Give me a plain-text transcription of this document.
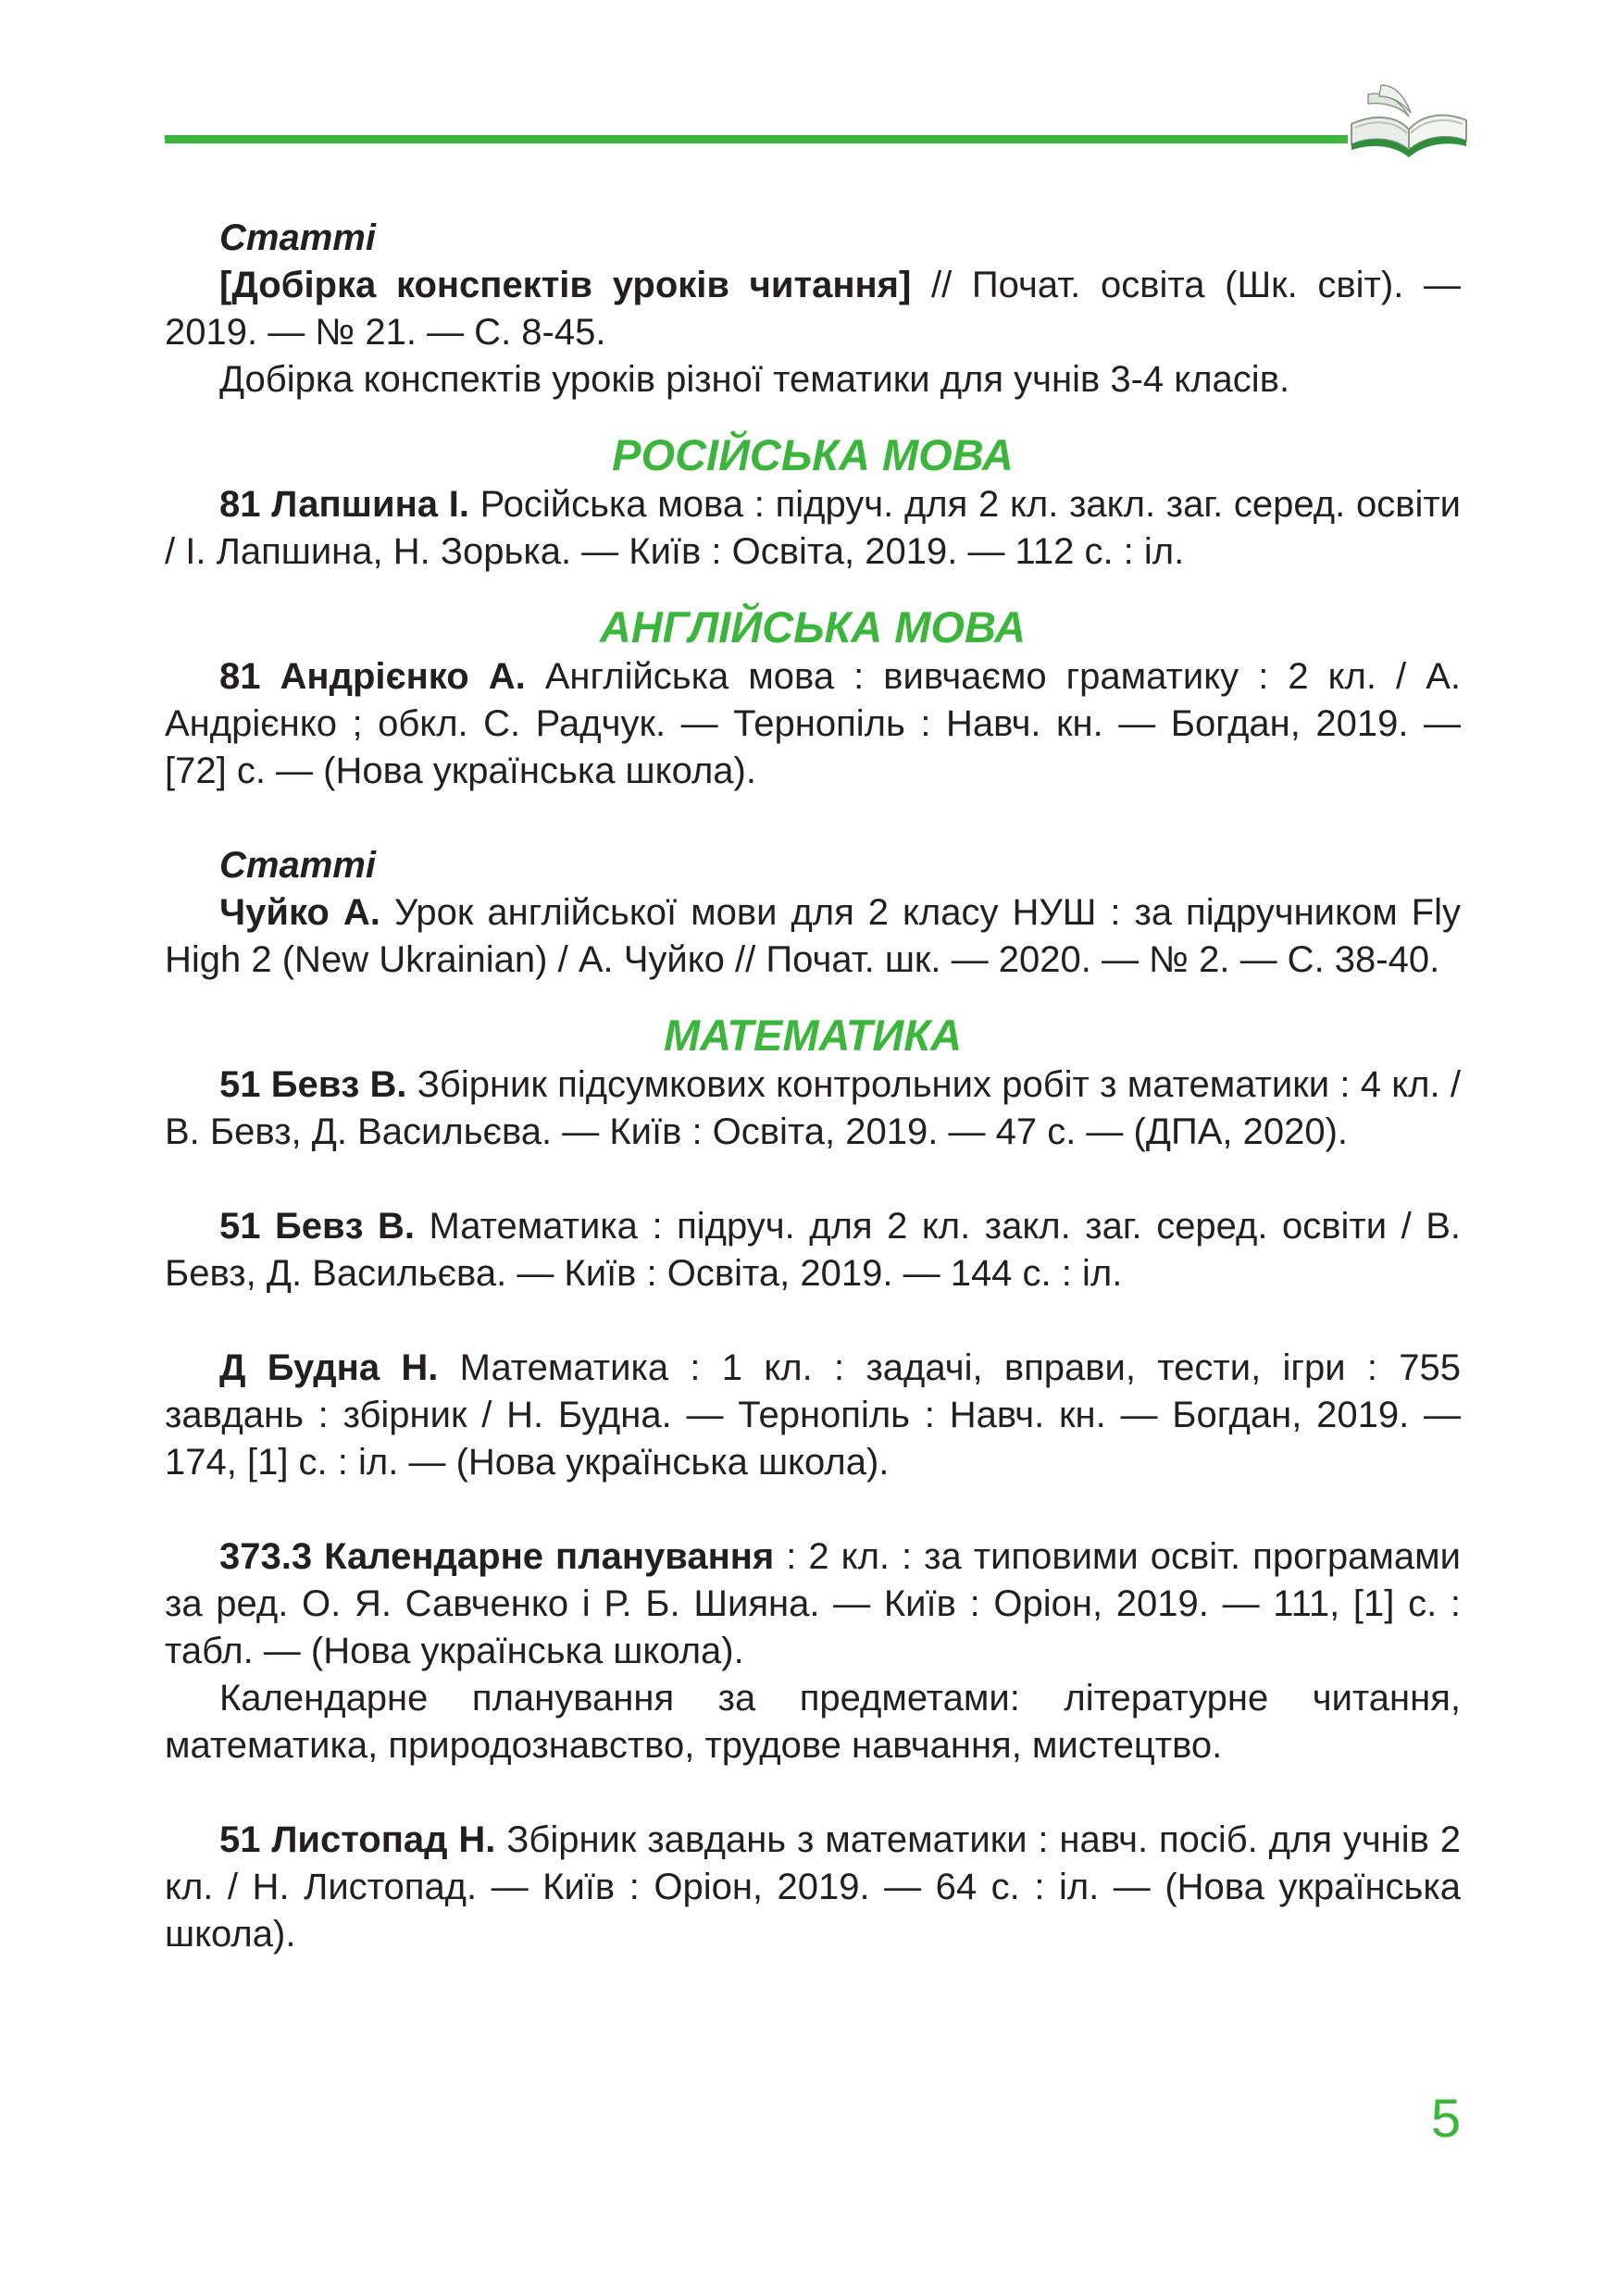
Статті

[Добірка конспектів уроків читання] // Почат. освіта (Шк. світ). — 2019. — № 21. — С. 8-45.

Добірка конспектів уроків різної тематики для учнів 3-4 класів.

РОСІЙСЬКА МОВА

81 Лапшина І. Російська мова : підруч. для 2 кл. закл. заг. серед. освіти / І. Лапшина, Н. Зорька. — Київ : Освіта, 2019. — 112 с. : іл.

АНГЛІЙСЬКА МОВА

81 Андрієнко А. Англійська мова : вивчаємо граматику : 2 кл. / А. Андрієнко ; обкл. С. Радчук. — Тернопіль : Навч. кн. — Богдан, 2019. — [72] с. — (Нова українська школа).

Статті

Чуйко А. Урок англійської мови для 2 класу НУШ : за підручником Fly High 2 (New Ukrainian) / А. Чуйко // Почат. шк. — 2020. — № 2. — С. 38-40.

МАТЕМАТИКА

51 Бевз В. Збірник підсумкових контрольних робіт з математики : 4 кл. / В. Бевз, Д. Васильєва. — Київ : Освіта, 2019. — 47 с. — (ДПА, 2020).

51 Бевз В. Математика : підруч. для 2 кл. закл. заг. серед. освіти / В. Бевз, Д. Васильєва. — Київ : Освіта, 2019. — 144 с. : іл.

Д Будна Н. Математика : 1 кл. : задачі, вправи, тести, ігри : 755 завдань : збірник / Н. Будна. — Тернопіль : Навч. кн. — Богдан, 2019. — 174, [1] с. : іл. — (Нова українська школа).

373.3 Календарне планування : 2 кл. : за типовими освіт. програмами за ред. О. Я. Савченко і Р. Б. Шияна. — Київ : Оріон, 2019. — 111, [1] с. : табл. — (Нова українська школа).

Календарне планування за предметами: літературне читання, математика, природознавство, трудове навчання, мистецтво.

51 Листопад Н. Збірник завдань з математики : навч. посіб. для учнів 2 кл. / Н. Листопад. — Київ : Оріон, 2019. — 64 с. : іл. — (Нова українська школа).

5
